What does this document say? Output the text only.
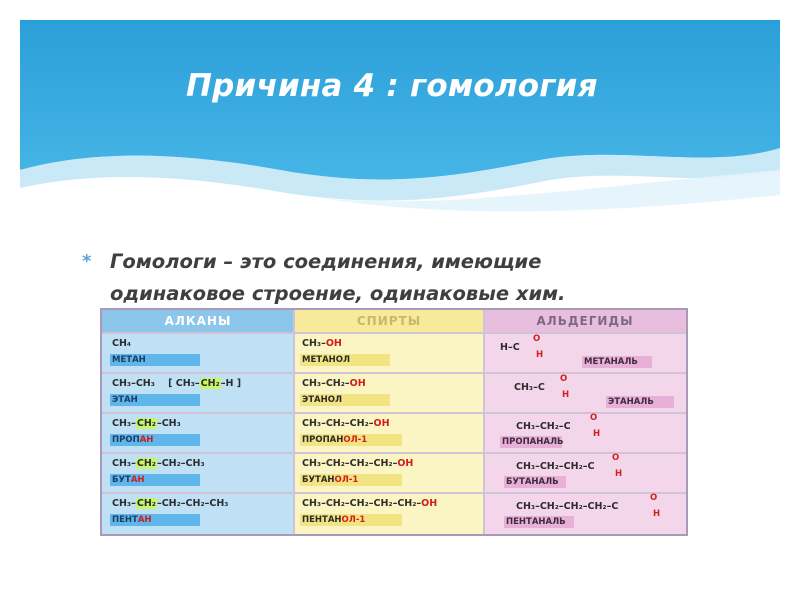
Причина 4 : гомология
* Гомологи – это соединения, имеющие
одинаковое строение, одинаковые хим.
АЛКАНЫ	СПИРТЫ	АЛЬДЕГИДЫ
CH₄
МЕТАН
CH₃–CH₃ [ CH₃–CH₂–H ]
ЭТАН
CH₃–CH₂–CH₃
ПРОПАН
CH₃–CH₂–CH₂–CH₃
БУТАН
CH₃–CH₂–CH₂–CH₂–CH₃
ПЕНТАН
CH₃–OH
МЕТАНОЛ
CH₃–CH₂–OH
ЭТАНОЛ
CH₃–CH₂–CH₂–OH
ПРОПАНОЛ-1
CH₃–CH₂–CH₂–CH₂–OH
БУТАНОЛ-1
CH₃–CH₂–CH₂–CH₂–CH₂–OH
ПЕНТАНОЛ-1
H–C
O
H
МЕТАНАЛЬ
CH₃–C
O
H
ЭТАНАЛЬ
CH₃–CH₂–C
O
H
ПРОПАНАЛЬ
CH₃–CH₂–CH₂–C
O
H
БУТАНАЛЬ
CH₃–CH₂–CH₂–CH₂–C
O
H
ПЕНТАНАЛЬ
